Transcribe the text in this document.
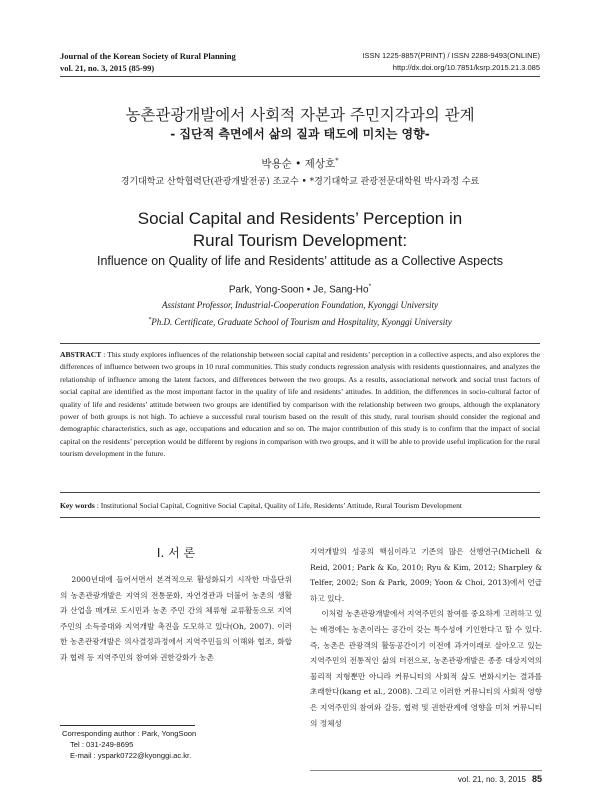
Journal of the Korean Society of Rural Planning
vol. 21, no. 3, 2015 (85-99)
ISSN 1225-8857(PRINT) / ISSN 2288-9493(ONLINE)
http://dx.doi.org/10.7851/ksrp.2015.21.3.085
농촌관광개발에서 사회적 자본과 주민지각과의 관계
- 집단적 측면에서 삶의 질과 태도에 미치는 영향-
박용순 • 제상호*
경기대학교 산학협력단(관광개발전공) 조교수 • *경기대학교 관광전문대학원 박사과정 수료
Social Capital and Residents’ Perception in
Rural Tourism Development:
Influence on Quality of life and Residents’ attitude as a Collective Aspects
Park, Yong-Soon • Je, Sang-Ho*
Assistant Professor, Industrial-Cooperation Foundation, Kyonggi University
*Ph.D. Certificate, Graduate School of Tourism and Hospitality, Kyonggi University
ABSTRACT : This study explores influences of the relationship between social capital and residents’ perception in a collective aspects, and also explores the differences of influence between two groups in 10 rural communities. This study conducts regression analysis with residents questionnaires, and analyzes the relationship of influence among the latent factors, and differences between the two groups. As a results, associational network and social trust factors of social capital are identified as the most important factor in the quality of life and residents’ attitudes. In addition, the differences in socio-cultural factor of quality of life and residents’ attitude between two groups are identified by comparison with the relationship between two groups, although the explanatory power of both groups is not high. To achieve a successful rural tourism based on the result of this study, rural tourism should consider the regional and demographic characteristics, such as age, occupations and education and so on. The major contribution of this study is to confirm that the impact of social capital on the residents’ perception would be different by regions in comparison with two groups, and it will be able to provide useful implication for the rural tourism development in the future.
Key words : Institutional Social Capital, Cognitive Social Capital, Quality of Life, Residents’ Attitude, Rural Tourism Development
I. 서 론
2000년대에 들어서면서 본격적으로 활성화되기 시작한 마을단위의 농촌관광개발은 지역의 전통문화, 자연경관과 더불어 농촌의 생활과 산업을 매개로 도시민과 농촌 주민 간의 체류형 교류활동으로 지역주민의 소득증대와 지역개발 촉진을 도모하고 있다(Oh, 2007). 이러한 농촌관광개발은 의사결정과정에서 지역주민들의 이해와 협조, 화합과 협력 등 지역주민의 참여와 권한강화가 농촌
지역개발의 성공의 핵심이라고 기존의 많은 선행연구(Michell & Reid, 2001; Park & Ko, 2010; Ryu & Kim, 2012; Sharpley & Telfer, 2002; Son & Park, 2009; Yoon & Choi, 2013)에서 언급하고 있다.
이처럼 농촌관광개발에서 지역주민의 참여를 중요하게 고려하고 있는 배경에는 농촌이라는 공간이 갖는 특수성에 기인한다고 할 수 있다. 즉, 농촌은 관광객의 활동공간이기 이전에 과거이래로 살아오고 있는 지역주민의 전통적인 삶의 터전으로, 농촌관광개발은 종종 대상지역의 물리적 지형뿐만 아니라 커뮤니티의 사회적 삶도 변화시키는 결과를 초래한다(kang et al., 2008). 그리고 이러한 커뮤니티의 사회적 영향은 지역주민의 참여와 갈등, 협력 및 권한관계에 영향을 미쳐 커뮤니티의 정체성
Corresponding author : Park, YongSoon
Tel : 031-249-8695
E-mail : yspark0722@kyonggi.ac.kr.
vol. 21, no. 3, 2015 85
